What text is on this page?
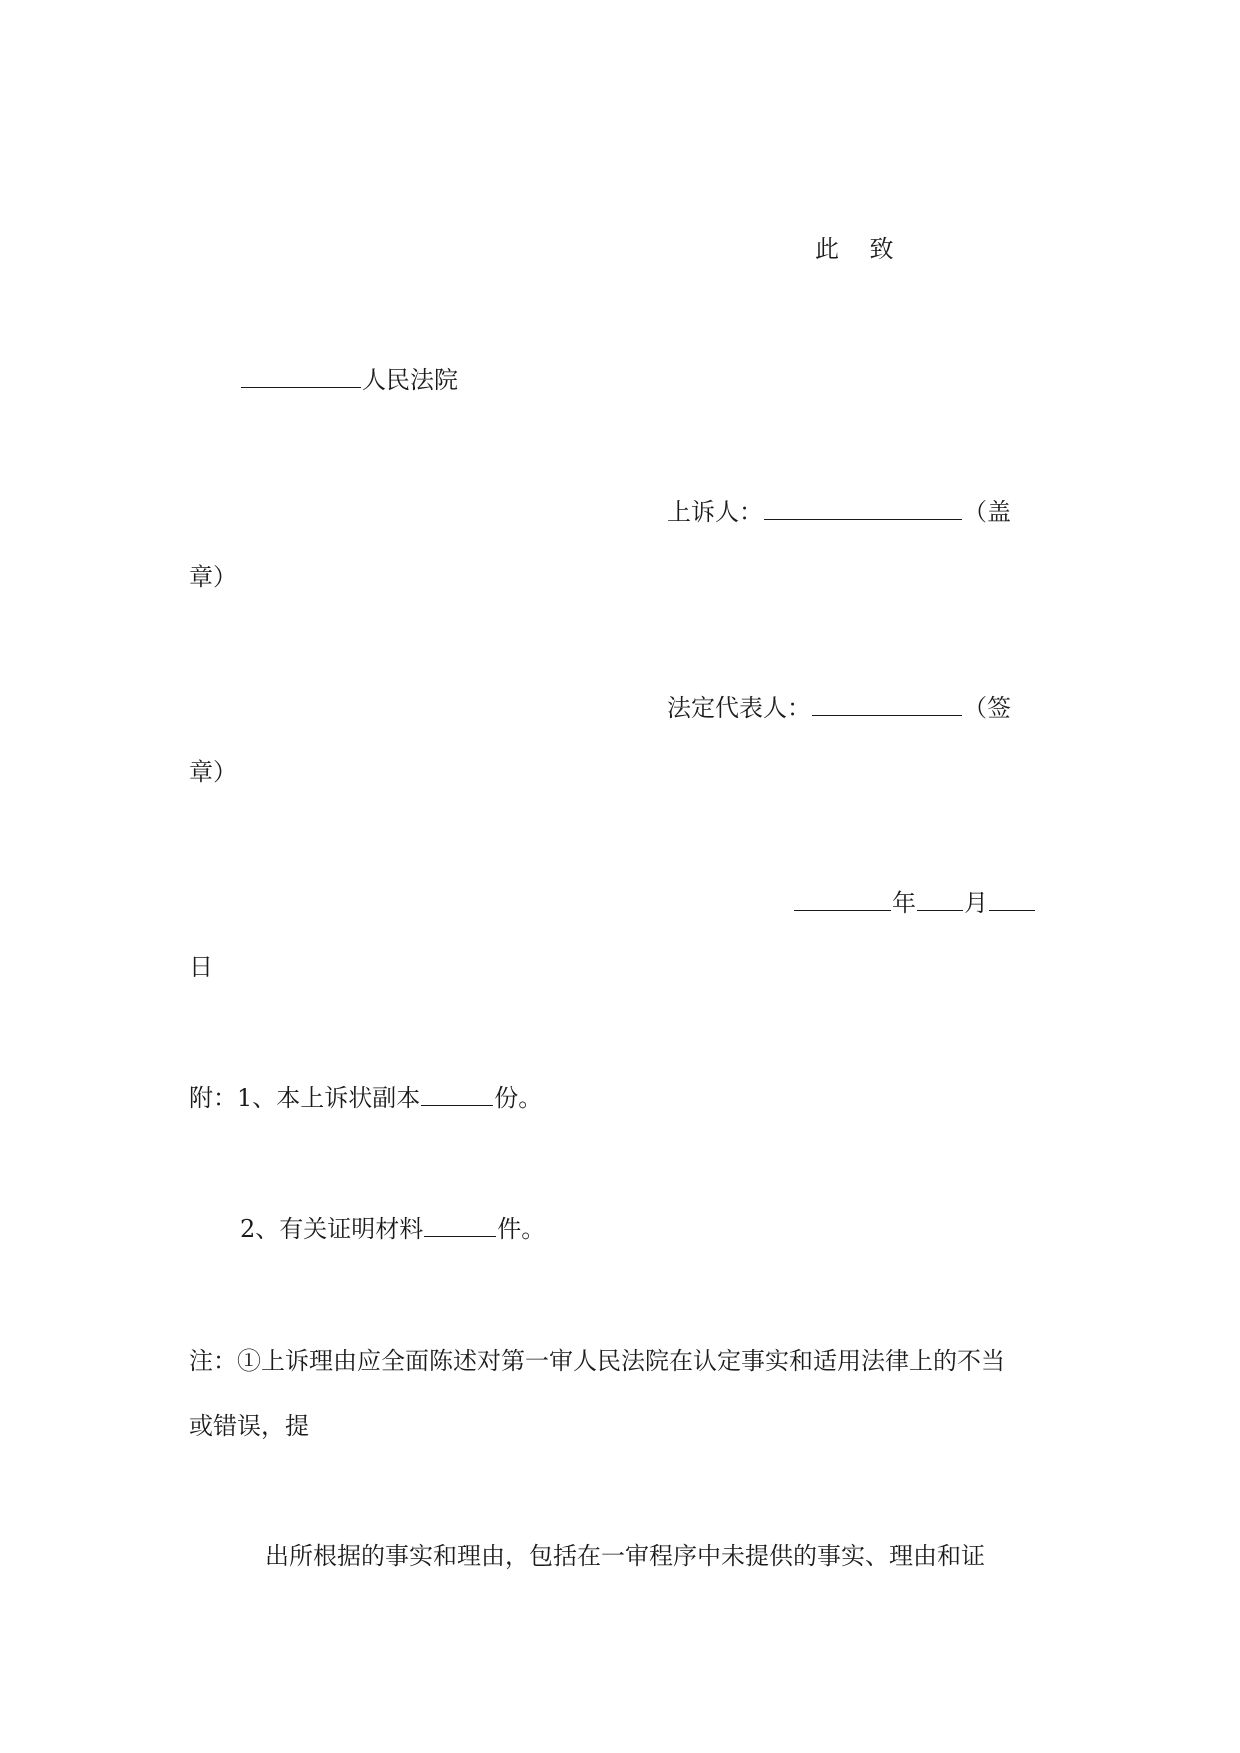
此    致
人民法院
上诉人：	（盖
章）
法定代表人：	（签
章）
年 月
日
附：1、本上诉状副本	份。
2、有关证明材料	件。
注：①上诉理由应全面陈述对第一审人民法院在认定事实和适用法律上的不当
或错误，提
出所根据的事实和理由，包括在一审程序中未提供的事实、理由和证
